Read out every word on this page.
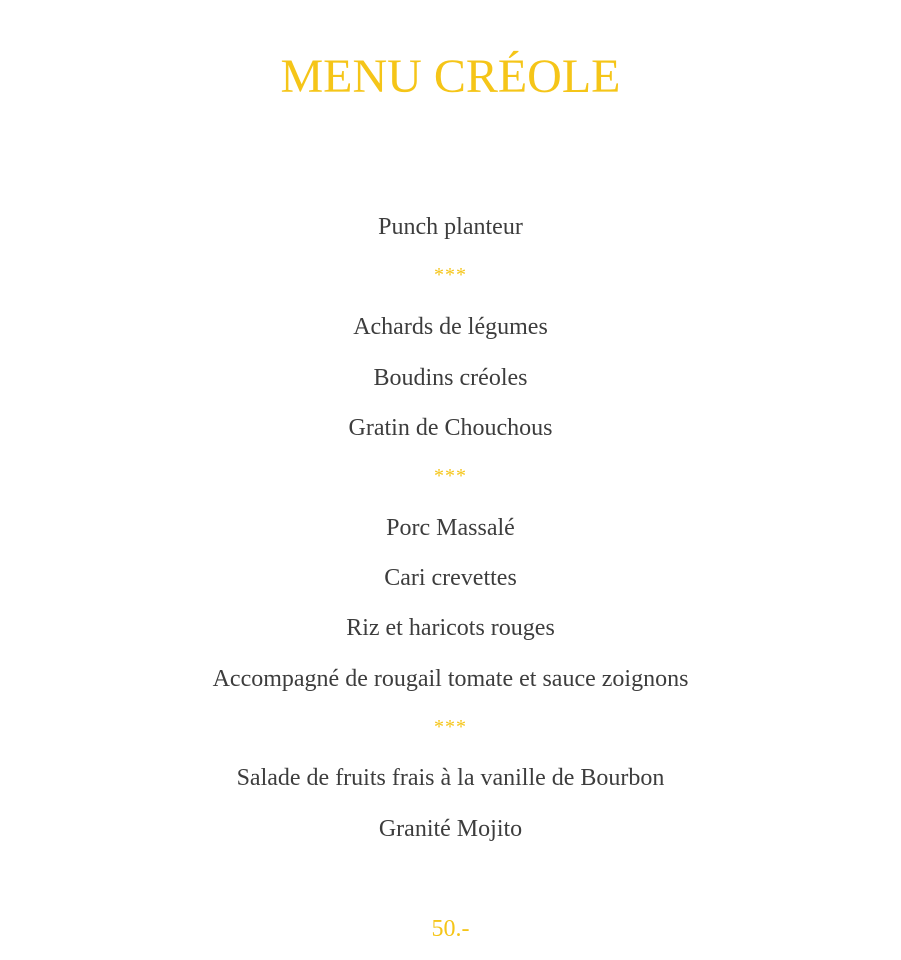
MENU CRÉOLE
Punch planteur
***
Achards de légumes
Boudins créoles
Gratin de Chouchous
***
Porc Massalé
Cari crevettes
Riz et haricots rouges
Accompagné de rougail tomate et sauce zoignons
***
Salade de fruits frais à la vanille de Bourbon
Granité Mojito
50.-
